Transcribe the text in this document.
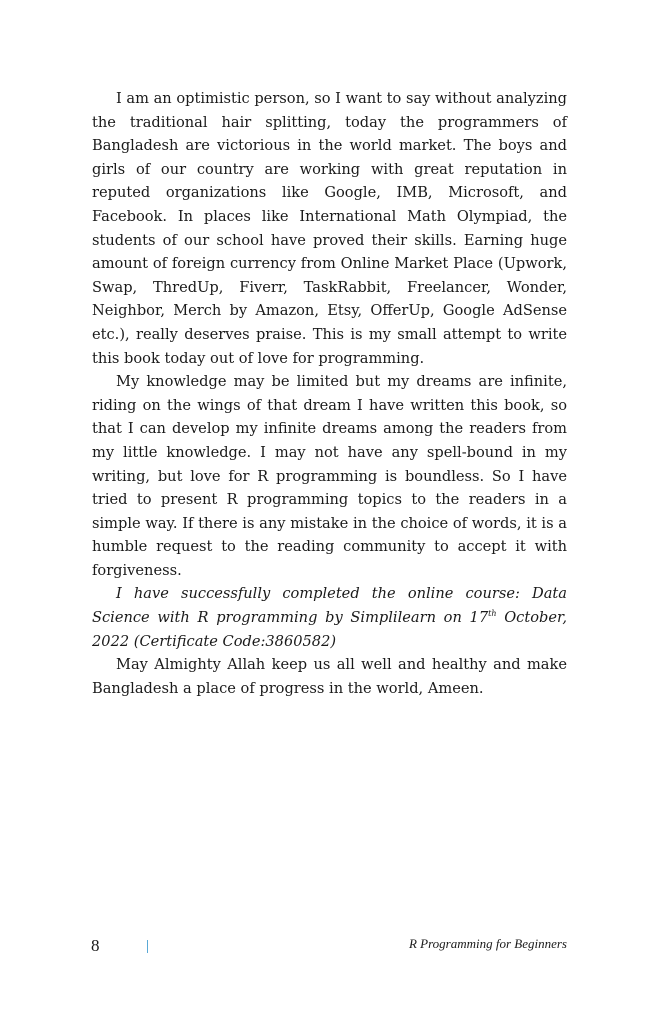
I am an optimistic person, so I want to say without analyzing the traditional hair splitting, today the programmers of Bangladesh are victorious in the world market. The boys and girls of our country are working with great reputation in reputed organizations like Google, IMB, Microsoft, and Facebook. In places like International Math Olympiad, the students of our school have proved their skills. Earning huge amount of foreign currency from Online Market Place (Upwork, Swap, ThredUp, Fiverr, TaskRabbit, Freelancer, Wonder, Neighbor, Merch by Amazon, Etsy, OfferUp, Google AdSense etc.), really deserves praise. This is my small attempt to write this book today out of love for programming.

My knowledge may be limited but my dreams are infinite, riding on the wings of that dream I have written this book, so that I can develop my infinite dreams among the readers from my little knowledge. I may not have any spell-bound in my writing, but love for R programming is boundless. So I have tried to present R programming topics to the readers in a simple way. If there is any mistake in the choice of words, it is a humble request to the reading community to accept it with forgiveness.

I have successfully completed the online course: Data Science with R programming by Simplilearn on 17th October, 2022 (Certificate Code:3860582)

May Almighty Allah keep us all well and healthy and make Bangladesh a place of progress in the world, Ameen.

8	R Programming for Beginners
